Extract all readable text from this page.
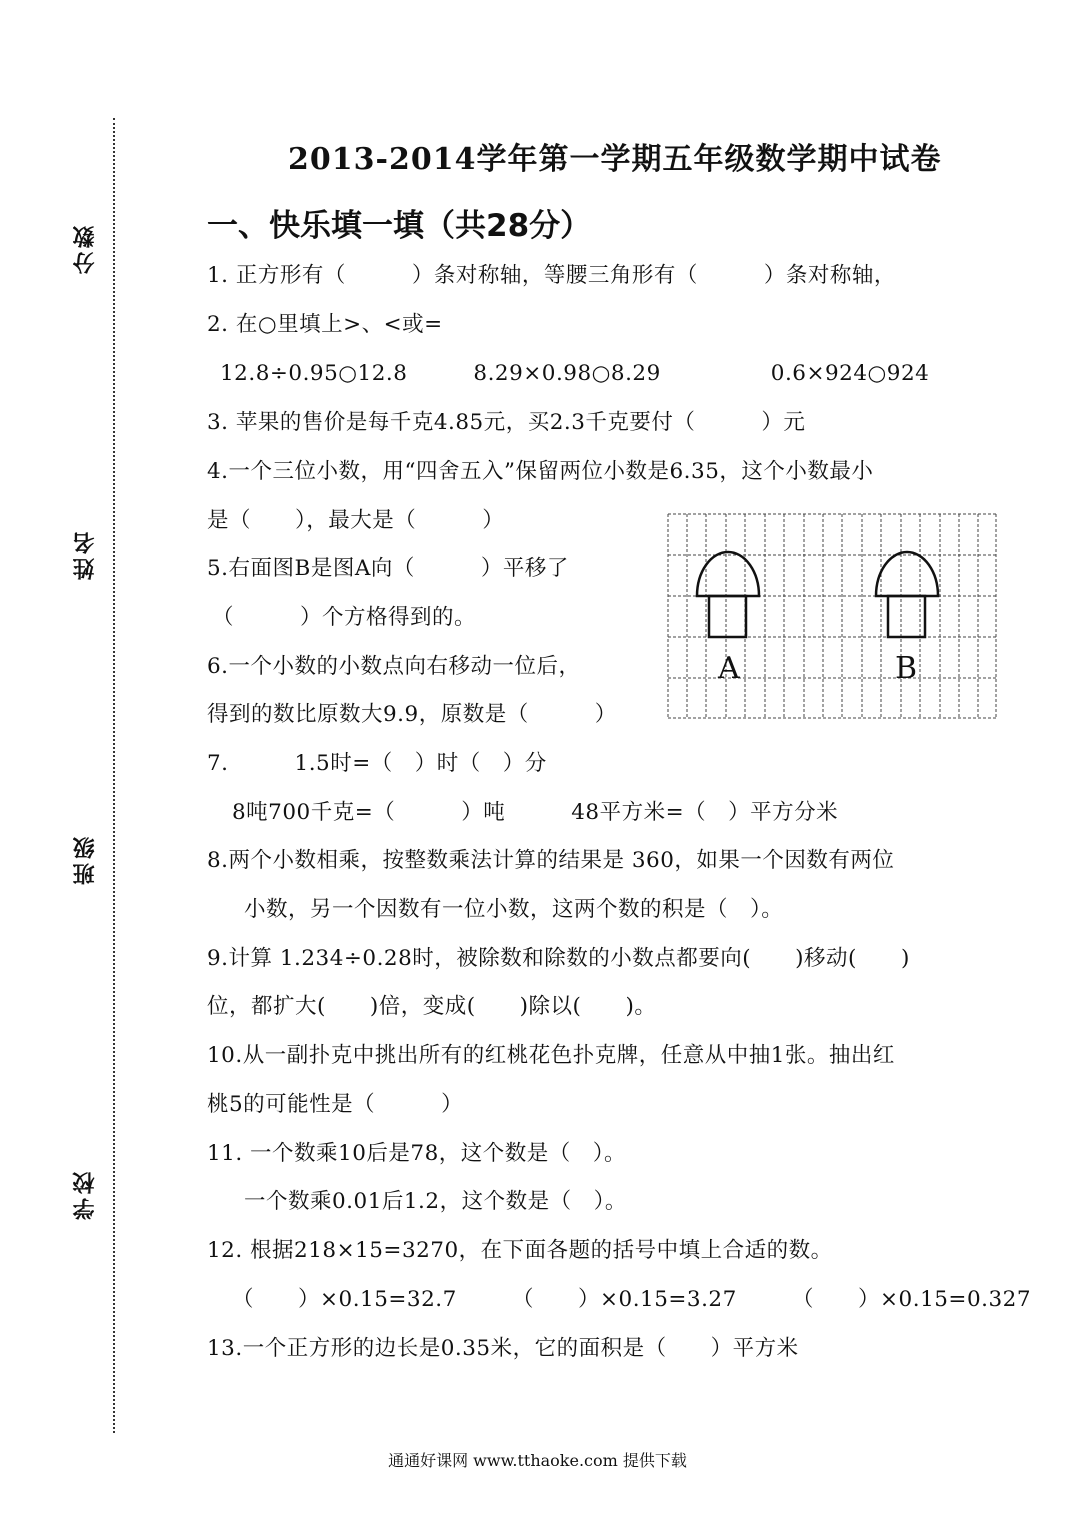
分数
姓名
班级
学校
2013-2014学年第一学期五年级数学期中试卷
一、快乐填一填（共28分）
1. 正方形有（　　　）条对称轴，等腰三角形有（　　　）条对称轴，
2. 在○里填上>、<或=
12.8÷0.95○12.8　　　8.29×0.98○8.29　　　　　0.6×924○924
3. 苹果的售价是每千克4.85元，买2.3千克要付（　　　）元
4.一个三位小数，用“四舍五入”保留两位小数是6.35，这个小数最小
是（　　），最大是（　　　）
5.右面图B是图A向（　　　）平移了
（　　　）个方格得到的。
6.一个小数的小数点向右移动一位后，
得到的数比原数大9.9，原数是（　　　）
7.　　　1.5时=（　）时（　）分
8吨700千克=（　　　）吨　　　48平方米=（　）平方分米
8.两个小数相乘，按整数乘法计算的结果是 360，如果一个因数有两位
小数，另一个因数有一位小数，这两个数的积是（　）。
9.计算 1.234÷0.28时，被除数和除数的小数点都要向(　　)移动(　　)
位，都扩大(　　)倍，变成(　　)除以(　　)。
10.从一副扑克中挑出所有的红桃花色扑克牌，任意从中抽1张。抽出红
桃5的可能性是（　　　）
11. 一个数乘10后是78，这个数是（　）。
一个数乘0.01后1.2，这个数是（　）。
12. 根据218×15=3270，在下面各题的括号中填上合适的数。
（　　）×0.15=32.7　　　（　　）×0.15=3.27　　　（　　）×0.15=0.327
13.一个正方形的边长是0.35米，它的面积是（　　）平方米
A	B
通通好课网 www.tthaoke.com 提供下载
